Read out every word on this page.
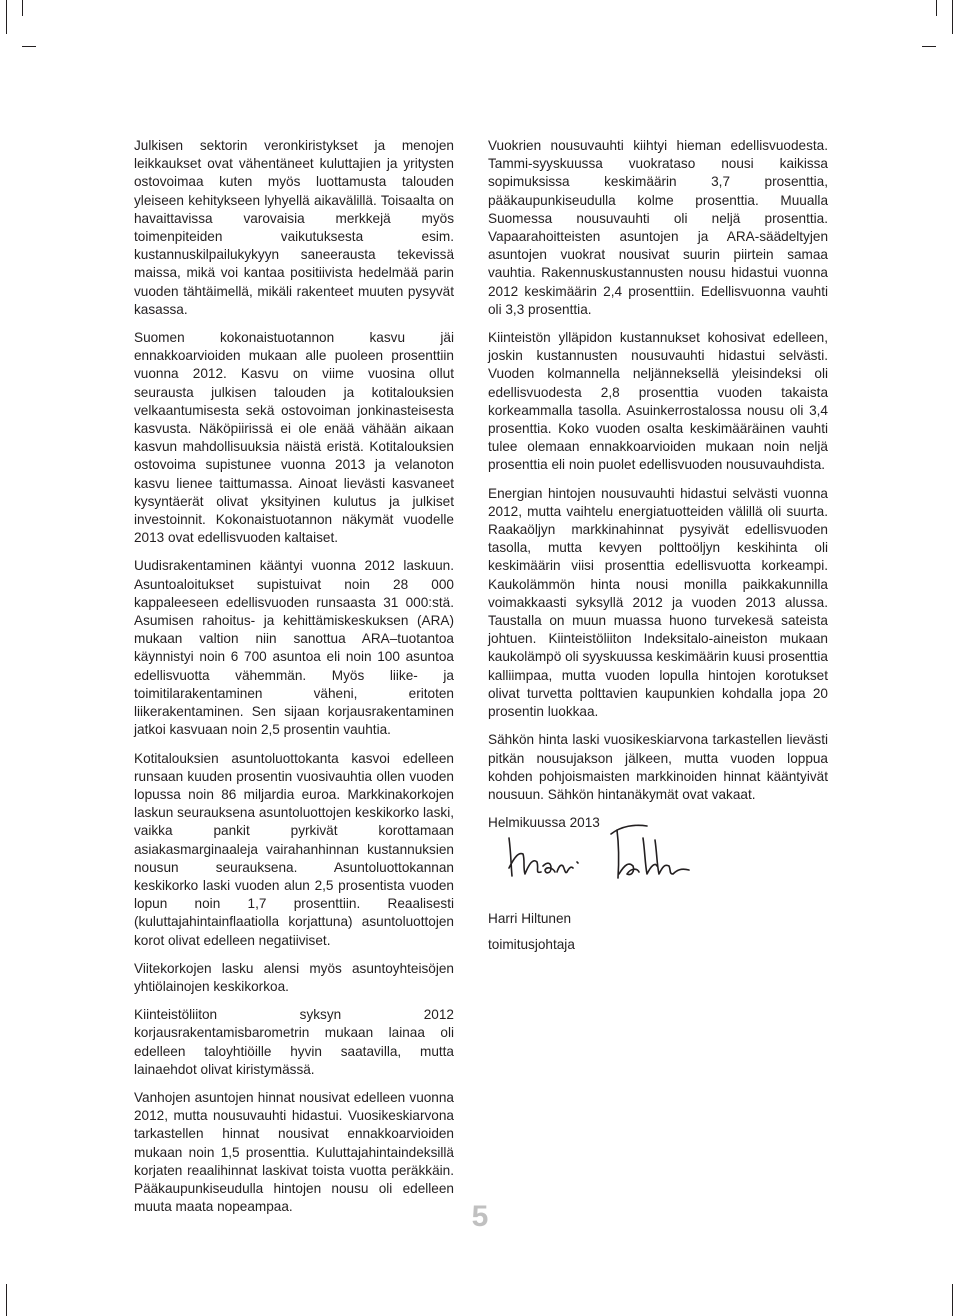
Julkisen sektorin veronkiristykset ja menojen leikkaukset ovat vähentäneet kuluttajien ja yritysten ostovoimaa kuten myös luottamusta talouden yleiseen kehitykseen lyhyellä aikavälillä. Toisaalta on havaittavissa varovaisia merkkejä myös toimenpiteiden vaikutuksesta esim. kustannuskilpailukykyyn saneerausta tekevissä maissa, mikä voi kantaa positiivista hedelmää parin vuoden tähtäimellä, mikäli rakenteet muuten pysyvät kasassa.

Suomen kokonaistuotannon kasvu jäi ennakkoarvioiden mukaan alle puoleen prosenttiin vuonna 2012. Kasvu on viime vuosina ollut seurausta julkisen talouden ja kotitalouksien velkaantumisesta sekä ostovoiman jonkinasteisesta kasvusta. Näköpiirissä ei ole enää vähään aikaan kasvun mahdollisuuksia näistä eristä. Kotitalouksien ostovoima supistunee vuonna 2013 ja velanoton kasvu lienee taittumassa. Ainoat lievästi kasvaneet kysyntäerät olivat yksityinen kulutus ja julkiset investoinnit. Kokonaistuotannon näkymät vuodelle 2013 ovat edellisvuoden kaltaiset.

Uudisrakentaminen kääntyi vuonna 2012 laskuun. Asuntoaloitukset supistuivat noin 28 000 kappaleeseen edellisvuoden runsaasta 31 000:stä. Asumisen rahoitus- ja kehittämiskeskuksen (ARA) mukaan valtion niin sanottua ARA–tuotantoa käynnistyi noin 6 700 asuntoa eli noin 100 asuntoa edellisvuotta vähemmän. Myös liike- ja toimitilarakentaminen väheni, eritoten liikerakentaminen. Sen sijaan korjausrakentaminen jatkoi kasvuaan noin 2,5 prosentin vauhtia.

Kotitalouksien asuntoluottokanta kasvoi edelleen runsaan kuuden prosentin vuosivauhtia ollen vuoden lopussa noin 86 miljardia euroa. Markkinakorkojen laskun seurauksena asuntoluottojen keskikorko laski, vaikka pankit pyrkivät korottamaan asiakasmarginaaleja vairahanhinnan kustannuksien nousun seurauksena. Asuntoluottokannan keskikorko laski vuoden alun 2,5 prosentista vuoden lopun noin 1,7 prosenttiin. Reaalisesti (kuluttajahintainflaatiolla korjattuna) asuntoluottojen korot olivat edelleen negatiiviset.

Viitekorkojen lasku alensi myös asuntoyhteisöjen yhtiölainojen keskikorkoa.

Kiinteistöliiton syksyn 2012 korjausrakentamisbarometrin mukaan lainaa oli edelleen taloyhtiöille hyvin saatavilla, mutta lainaehdot olivat kiristymässä.

Vanhojen asuntojen hinnat nousivat edelleen vuonna 2012, mutta nousuvauhti hidastui. Vuosikeskiarvona tarkastellen hinnat nousivat ennakkoarvioiden mukaan noin 1,5 prosenttia. Kuluttajahintaindeksillä korjaten reaalihinnat laskivat toista vuotta peräkkäin. Pääkaupunkiseudulla hintojen nousu oli edelleen muuta maata nopeampaa.

Vuokrien nousuvauhti kiihtyi hieman edellisvuodesta. Tammi-syyskuussa vuokrataso nousi kaikissa sopimuksissa keskimäärin 3,7 prosenttia, pääkaupunkiseudulla kolme prosenttia. Muualla Suomessa nousuvauhti oli neljä prosenttia. Vapaarahoitteisten asuntojen ja ARA-säädeltyjen asuntojen vuokrat nousivat suurin piirtein samaa vauhtia. Rakennuskustannusten nousu hidastui vuonna 2012 keskimäärin 2,4 prosenttiin. Edellisvuonna vauhti oli 3,3 prosenttia.

Kiinteistön ylläpidon kustannukset kohosivat edelleen, joskin kustannusten nousuvauhti hidastui selvästi. Vuoden kolmannella neljänneksellä yleisindeksi oli edellisvuodesta 2,8 prosenttia vuoden takaista korkeammalla tasolla. Asuinkerrostalossa nousu oli 3,4 prosenttia. Koko vuoden osalta keskimääräinen vauhti tulee olemaan ennakkoarvioiden mukaan noin neljä prosenttia eli noin puolet edellisvuoden nousuvauhdista.

Energian hintojen nousuvauhti hidastui selvästi vuonna 2012, mutta vaihtelu energiatuotteiden välillä oli suurta. Raakaöljyn markkinahinnat pysyivät edellisvuoden tasolla, mutta kevyen polttoöljyn keskihinta oli keskimäärin viisi prosenttia edellisvuotta korkeampi. Kaukolämmön hinta nousi monilla paikkakunnilla voimakkaasti syksyllä 2012 ja vuoden 2013 alussa. Taustalla on muun muassa huono turvekesä sateista johtuen. Kiinteistöliiton Indeksitalo-aineiston mukaan kaukolämpö oli syyskuussa keskimäärin kuusi prosenttia kalliimpaa, mutta vuoden lopulla hintojen korotukset olivat turvetta polttavien kaupunkien kohdalla jopa 20 prosentin luokkaa.

Sähkön hinta laski vuosikeskiarvona tarkastellen lievästi pitkän nousujakson jälkeen, mutta vuoden loppua kohden pohjoismaisten markkinoiden hinnat kääntyivät nousuun. Sähkön hintanäkymät ovat vakaat.

Helmikuussa 2013

Harri Hiltunen
toimitusjohtaja
5
